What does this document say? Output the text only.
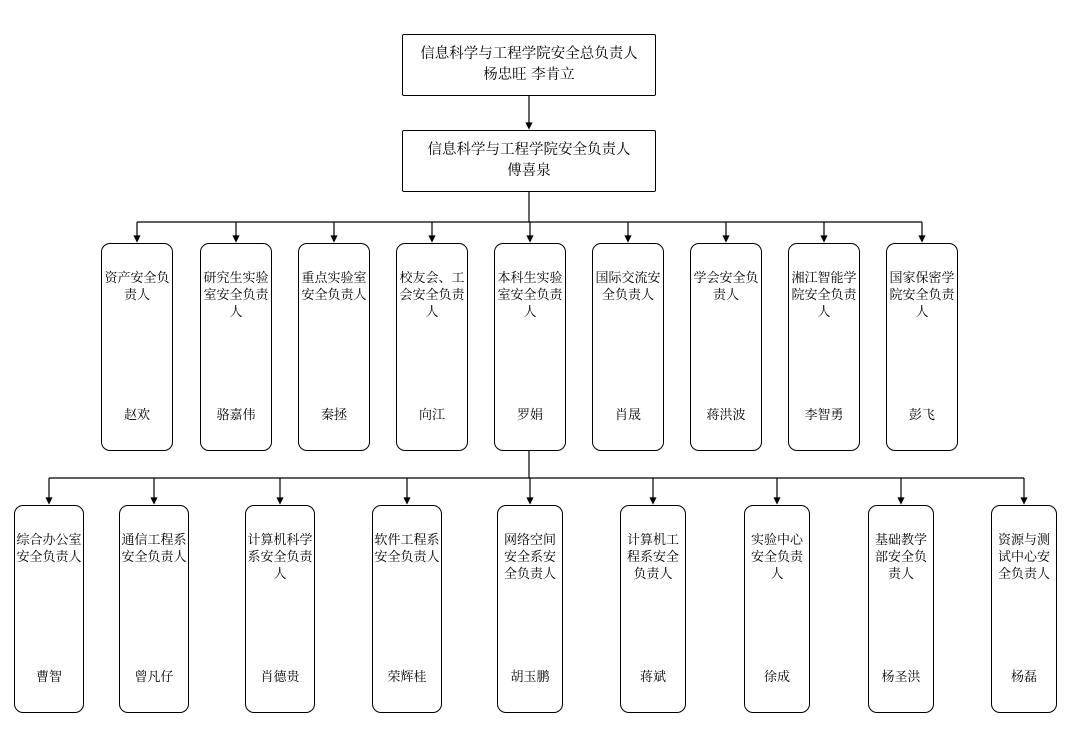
信息科学与工程学院安全总负责人
杨忠旺 李肯立
信息科学与工程学院安全负责人
傅喜泉
资产安全负责人
赵欢
研究生实验室安全负责人
骆嘉伟
重点实验室安全负责人
秦拯
校友会、工会安全负责人
向江
本科生实验室安全负责人
罗娟
国际交流安全负责人
肖晟
学会安全负责人
蒋洪波
湘江智能学院安全负责人
李智勇
国家保密学院安全负责人
彭飞
综合办公室安全负责人
曹智
通信工程系安全负责人
曾凡仔
计算机科学系安全负责人
肖德贵
软件工程系安全负责人
荣辉桂
网络空间安全系安全负责人
胡玉鹏
计算机工程系安全负责人
蒋斌
实验中心安全负责人
徐成
基础教学部安全负责人
杨圣洪
资源与测试中心安全负责人
杨磊
